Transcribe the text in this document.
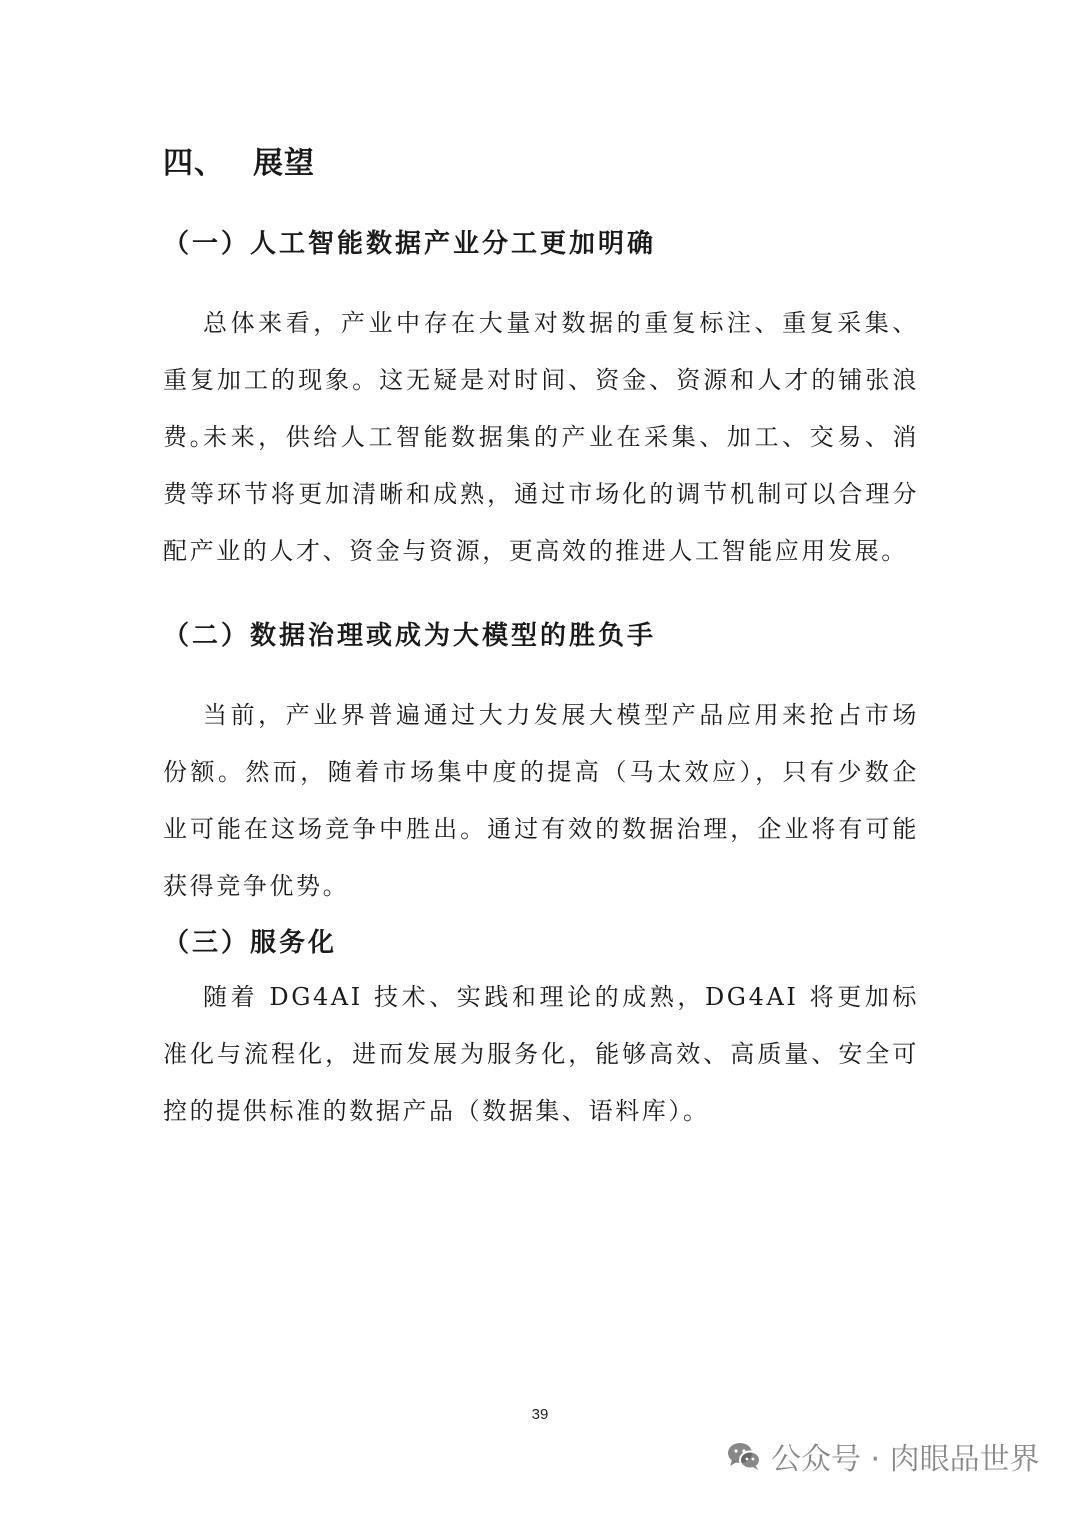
四、 展望
（一）人工智能数据产业分工更加明确

总体来看，产业中存在大量对数据的重复标注、重复采集、重复加工的现象。这无疑是对时间、资金、资源和人才的铺张浪费。

未来，供给人工智能数据集的产业在采集、加工、交易、消费等环节将更加清晰和成熟，通过市场化的调节机制可以合理分配产业的人才、资金与资源，更高效的推进人工智能应用发展。

（二）数据治理或成为大模型的胜负手

当前，产业界普遍通过大力发展大模型产品应用来抢占市场份额。然而，随着市场集中度的提高（马太效应），只有少数企业可能在这场竞争中胜出。通过有效的数据治理，企业将有可能获得竞争优势。

（三）服务化

随着 DG4AI 技术、实践和理论的成熟，DG4AI 将更加标准化与流程化，进而发展为服务化，能够高效、高质量、安全可控的提供标准的数据产品（数据集、语料库）。

39
公众号 · 肉眼品世界
